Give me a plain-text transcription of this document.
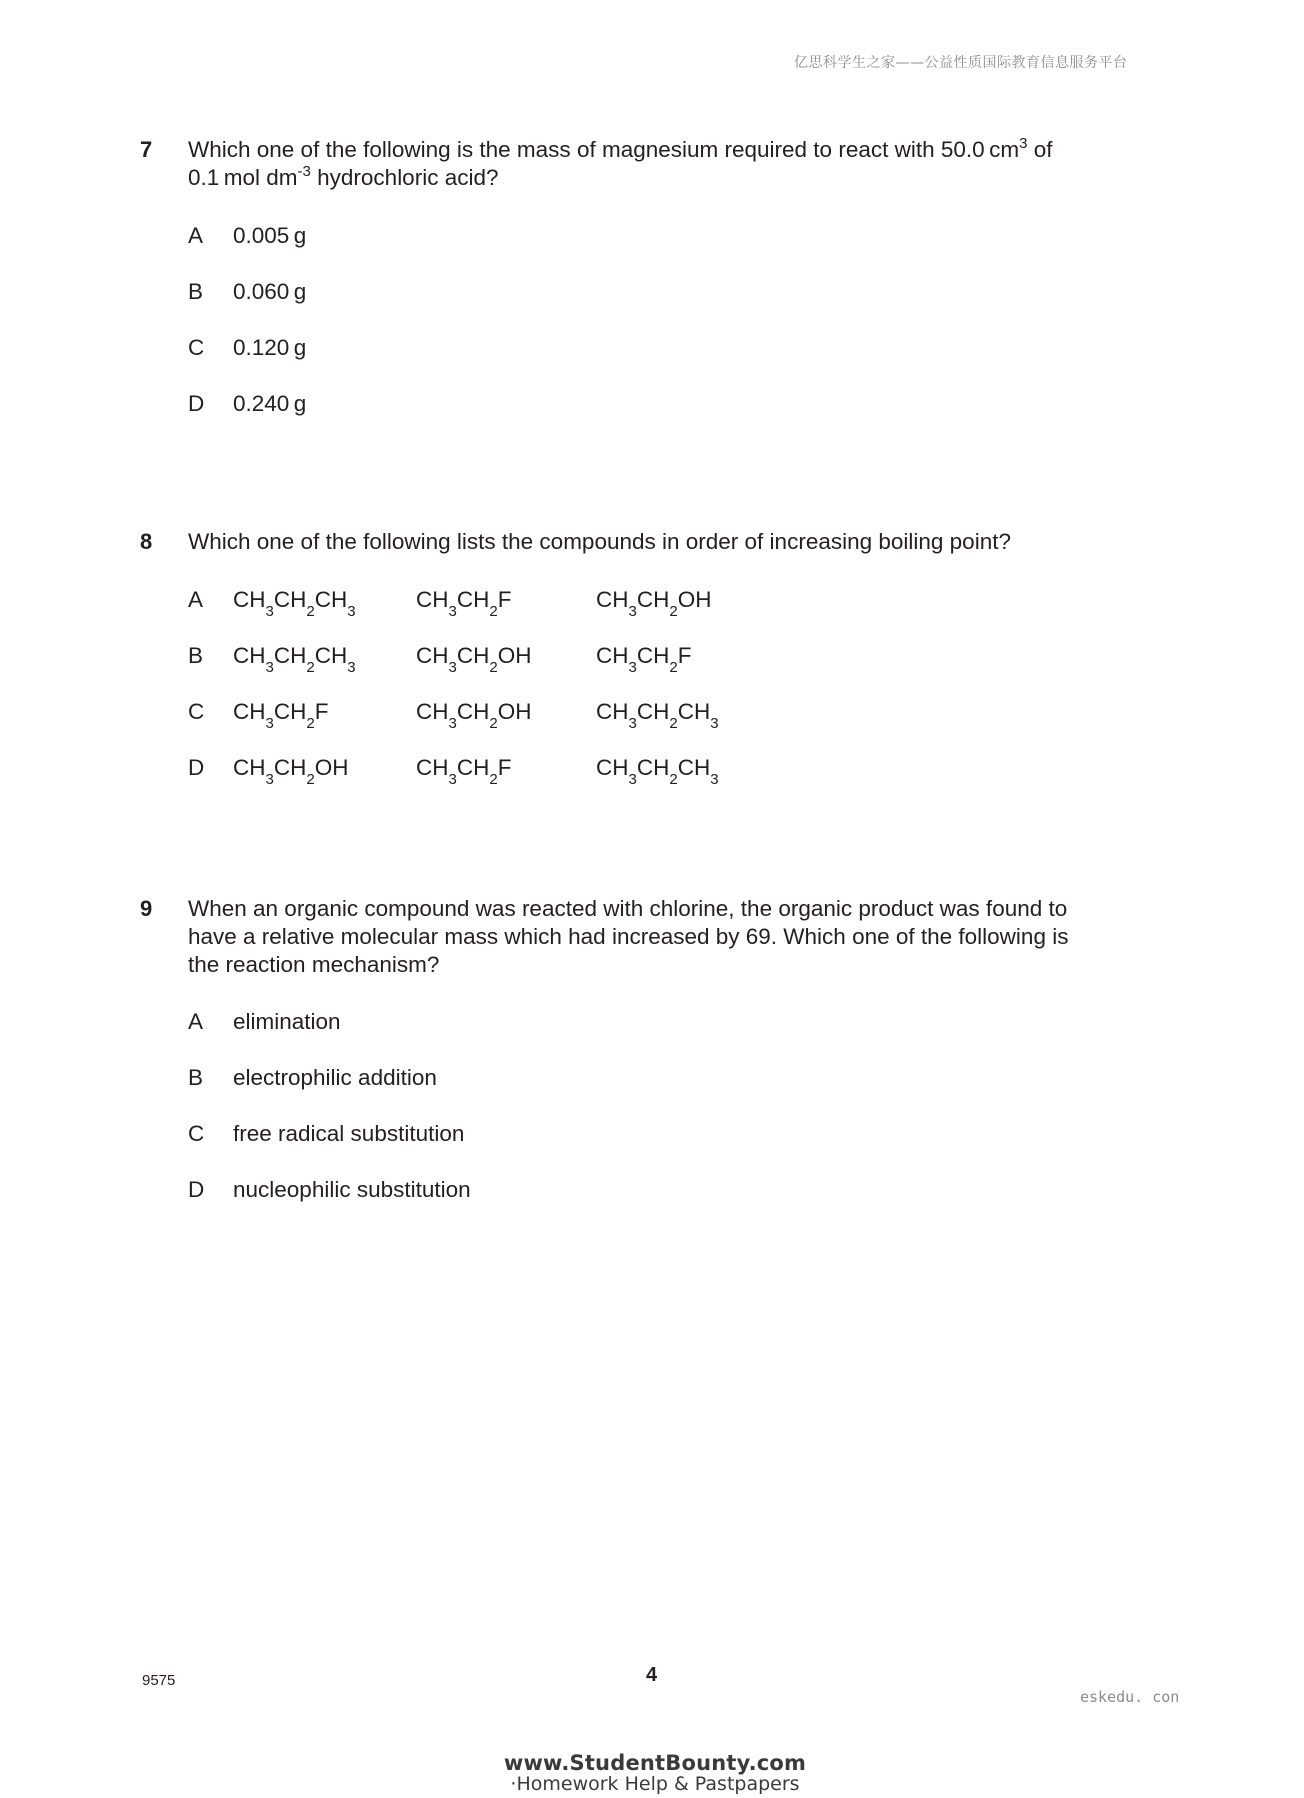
亿思科学生之家——公益性质国际教育信息服务平台
7 Which one of the following is the mass of magnesium required to react with 50.0 $cm^3$ of
0.1 mol $dm^{-3}$ hydrochloric acid?
A 0.005 g
B 0.060 g
C 0.120 g
D 0.240 g
8 Which one of the following lists the compounds in order of increasing boiling point?
A $CH_3CH_2CH_3$	$CH_3CH_2F$	$CH_3CH_2OH$
B $CH_3CH_2CH_3$	$CH_3CH_2OH$	$CH_3CH_2F$
C $CH_3CH_2F$	$CH_3CH_2OH$	$CH_3CH_2CH_3$
D $CH_3CH_2OH$	$CH_3CH_2F$	$CH_3CH_2CH_3$
9 When an organic compound was reacted with chlorine, the organic product was found to
have a relative molecular mass which had increased by 69. Which one of the following is
the reaction mechanism?
A elimination
B electrophilic addition
C free radical substitution
D nucleophilic substitution
9575	4
eskedu. con
www.StudentBounty.com
·Homework Help & Pastpapers
